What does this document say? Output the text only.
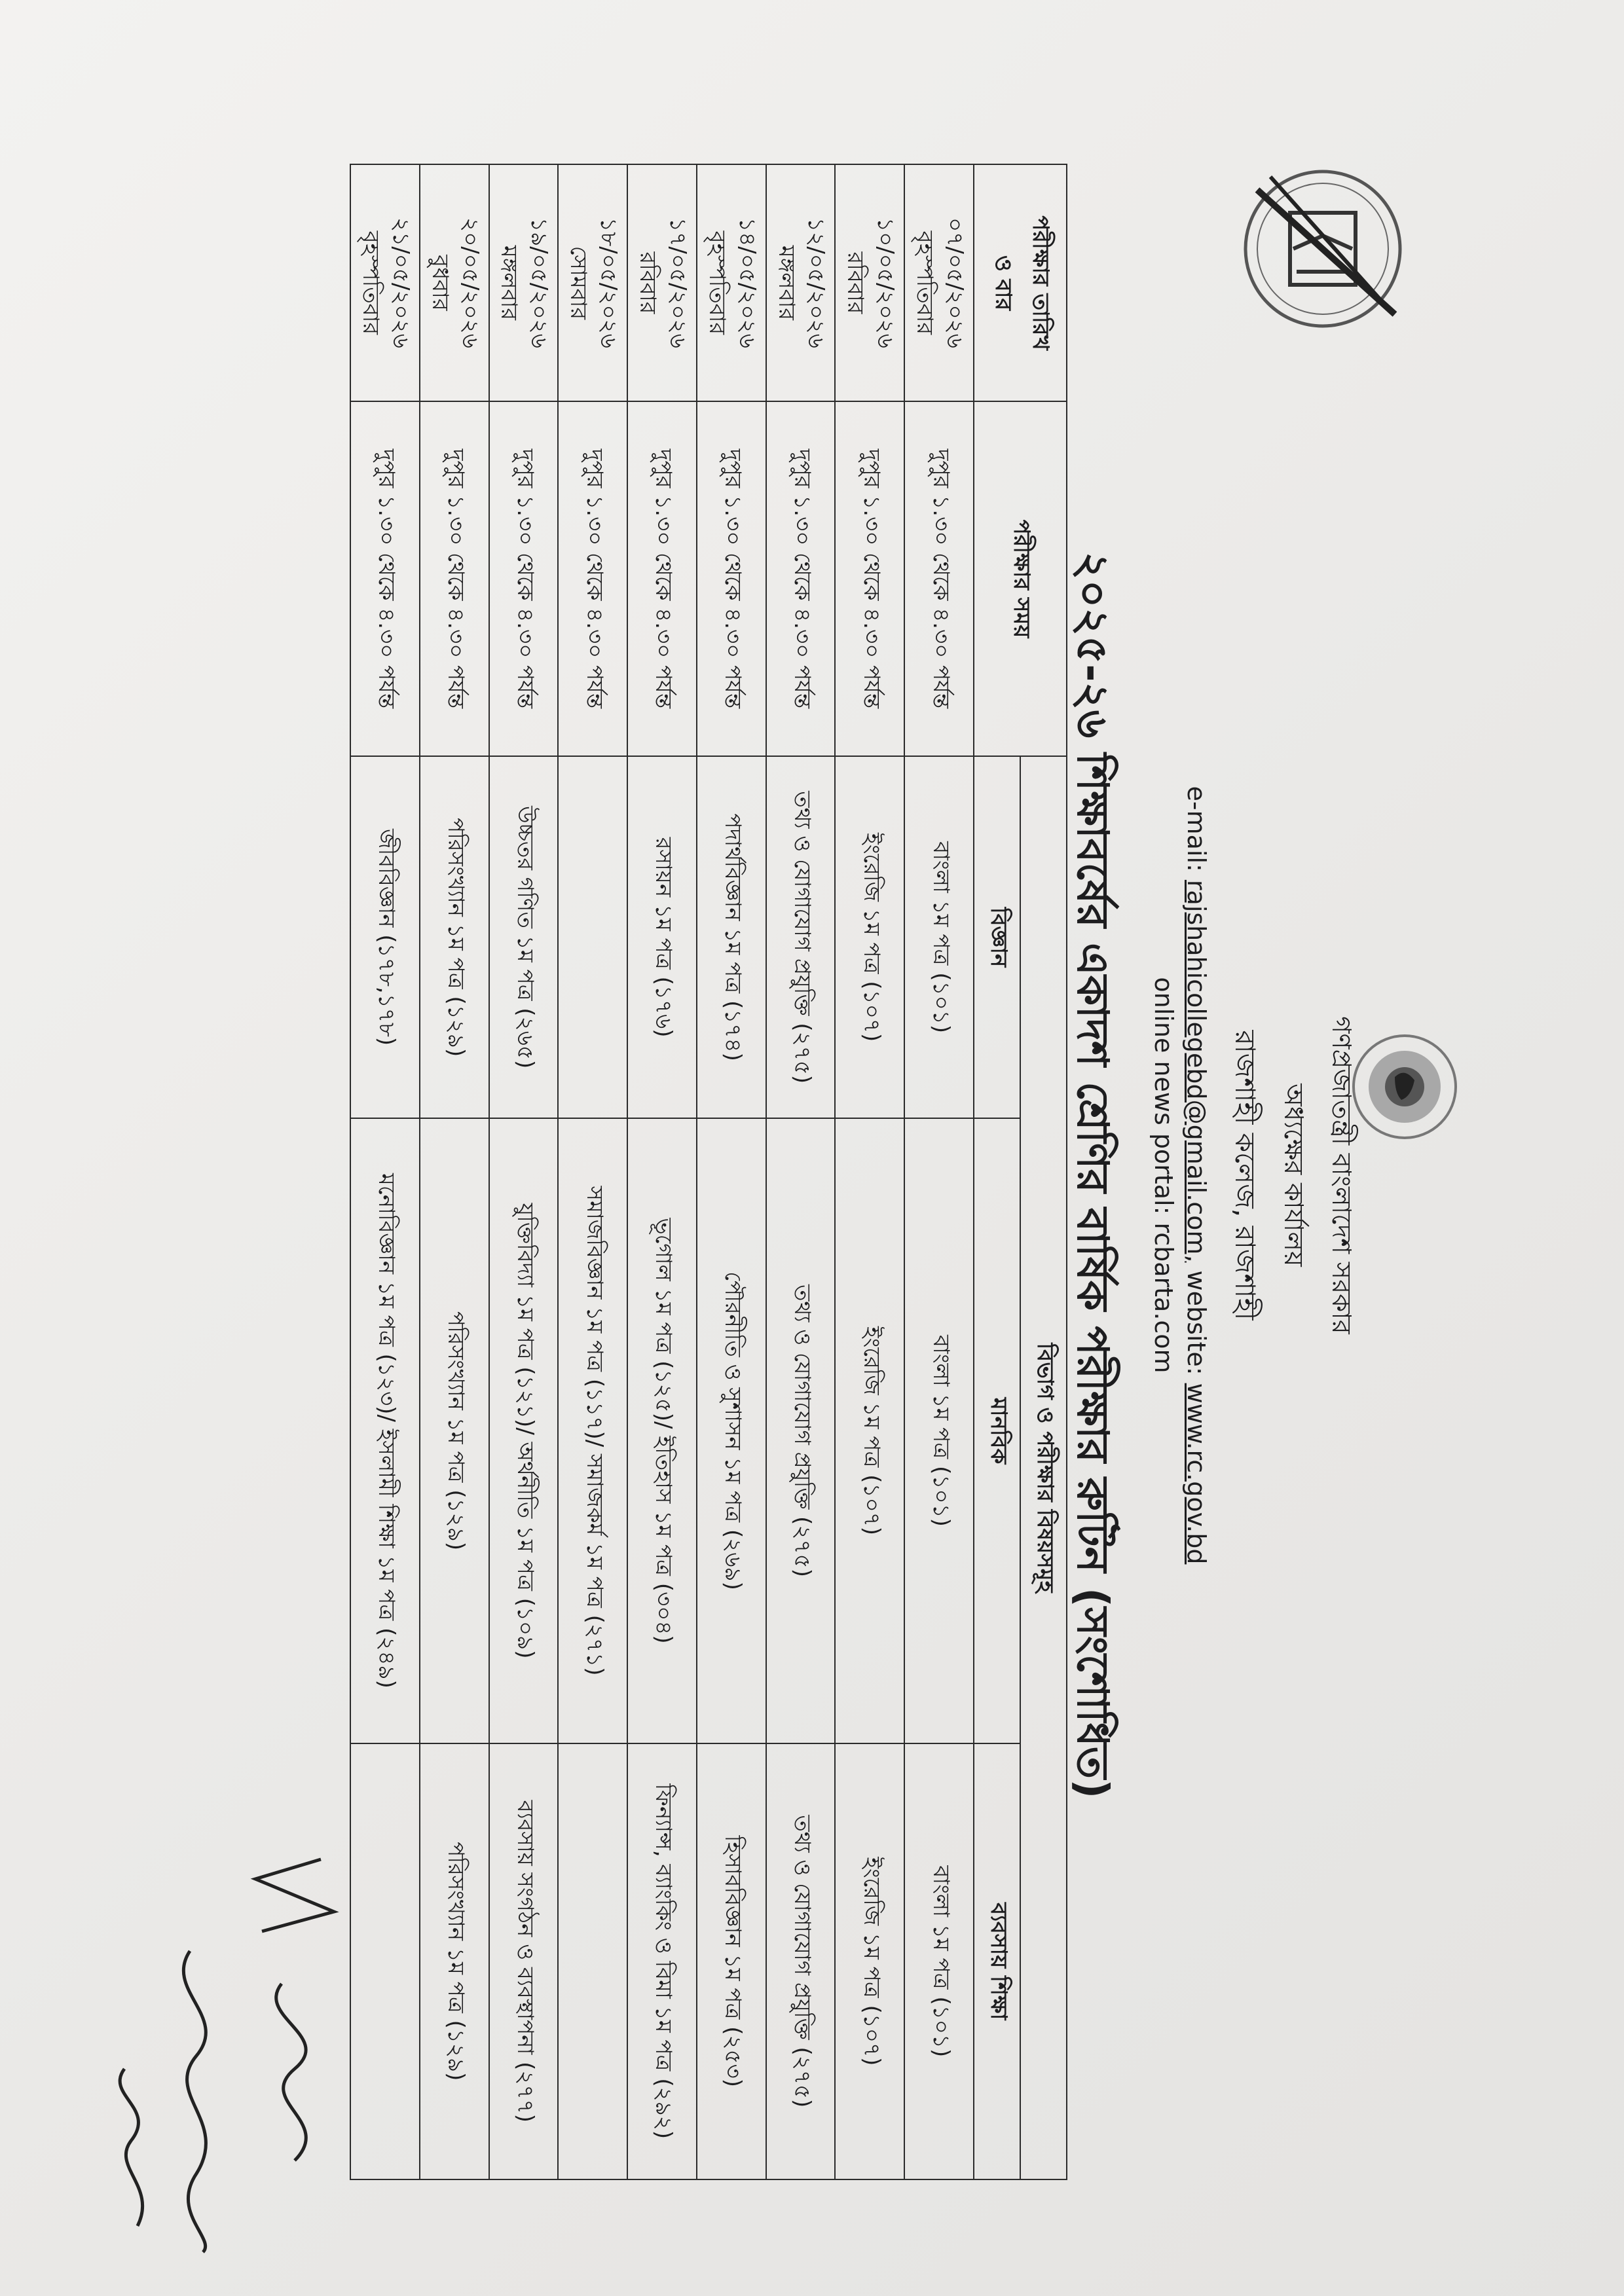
গণপ্রজাতন্ত্রী বাংলাদেশ সরকার
অধ্যক্ষের কার্যালয়
রাজশাহী কলেজ, রাজশাহী
e-mail: rajshahicollegebd@gmail.com, website: www.rc.gov.bd
online news portal: rcbarta.com
২০২৫-২৬ শিক্ষাবর্ষের একাদশ শ্রেণির বার্ষিক পরীক্ষার রুটিন (সংশোধিত)
পরীক্ষার তারিখ
ও বার	পরীক্ষার সময়	বিভাগ ও পরীক্ষার বিষয়সমূহ		
		বিজ্ঞান	মানবিক	ব্যবসায় শিক্ষা

০৭/০৫/২০২৬
বৃহস্পতিবার	দুপুর ১.৩০ থেকে ৪.৩০ পর্যন্ত	বাংলা ১ম পত্র (১০১)	বাংলা ১ম পত্র (১০১)	বাংলা ১ম পত্র (১০১)

১০/০৫/২০২৬
রবিবার	দুপুর ১.৩০ থেকে ৪.৩০ পর্যন্ত	ইংরেজি ১ম পত্র (১০৭)	ইংরেজি ১ম পত্র (১০৭)	ইংরেজি ১ম পত্র (১০৭)

১২/০৫/২০২৬
মঙ্গলবার	দুপুর ১.৩০ থেকে ৪.৩০ পর্যন্ত	তথ্য ও যোগাযোগ প্রযুক্তি (২৭৫)	তথ্য ও যোগাযোগ প্রযুক্তি (২৭৫)	তথ্য ও যোগাযোগ প্রযুক্তি (২৭৫)

১৪/০৫/২০২৬
বৃহস্পতিবার	দুপুর ১.৩০ থেকে ৪.৩০ পর্যন্ত	পদার্থবিজ্ঞান ১ম পত্র (১৭৪)	পৌরনীতি ও সুশাসন ১ম পত্র (২৬৯)	হিসাববিজ্ঞান ১ম পত্র (২৫৩)

১৭/০৫/২০২৬
রবিবার	দুপুর ১.৩০ থেকে ৪.৩০ পর্যন্ত	রসায়ন ১ম পত্র (১৭৬)	ভূগোল ১ম পত্র (১২৫)/ ইতিহাস ১ম পত্র (৩০৪)	ফিন্যান্স, ব্যাংকিং ও বিমা ১ম পত্র (২৯২)

১৮/০৫/২০২৬
সোমবার	দুপুর ১.৩০ থেকে ৪.৩০ পর্যন্ত		সমাজবিজ্ঞান ১ম পত্র (১১৭)/ সমাজকর্ম ১ম পত্র (২৭১)	

১৯/০৫/২০২৬
মঙ্গলবার	দুপুর ১.৩০ থেকে ৪.৩০ পর্যন্ত	উচ্চতর গণিত ১ম পত্র (২৬৫)	যুক্তিবিদ্যা ১ম পত্র (১২১)/ অর্থনীতি ১ম পত্র (১০৯)	ব্যবসায় সংগঠন ও ব্যবস্থাপনা (২৭৭)

২০/০৫/২০২৬
বুধবার	দুপুর ১.৩০ থেকে ৪.৩০ পর্যন্ত	পরিসংখ্যান ১ম পত্র (১২৯)	পরিসংখ্যান ১ম পত্র (১২৯)	পরিসংখ্যান ১ম পত্র (১২৯)

২১/০৫/২০২৬
বৃহস্পতিবার	দুপুর ১.৩০ থেকে ৪.৩০ পর্যন্ত	জীববিজ্ঞান (১৭৮,১৭৮)	মনোবিজ্ঞান ১ম পত্র (১২৩)/ ইসলামী শিক্ষা ১ম পত্র (২৪৯)	
